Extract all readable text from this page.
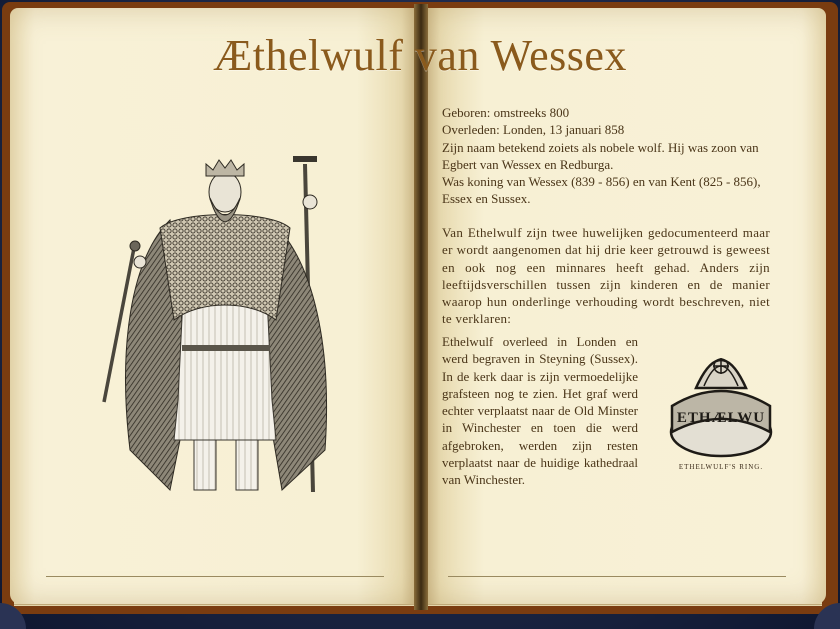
Æthelwulf van Wessex
Geboren: omstreeks 800
Overleden: Londen, 13 januari 858
Zijn naam betekend zoiets als nobele wolf. Hij was zoon van Egbert van Wessex en Redburga.
Was koning van Wessex (839 - 856) en van Kent (825 - 856), Essex en Sussex.
Van Ethelwulf zijn twee huwelijken gedocumenteerd maar er wordt aangenomen dat hij drie keer getrouwd is geweest en ook nog een minnares heeft gehad. Anders zijn leeftijdsverschillen tussen zijn kinderen en de manier waarop hun onderlinge verhouding wordt beschreven, niet te verklaren:
Ethelwulf overleed in Londen en werd begraven in Steyning (Sussex). In de kerk daar is zijn vermoedelijke grafsteen nog te zien. Het graf werd echter verplaatst naar de Old Minster in Winchester en toen die werd afgebroken, werden zijn resten verplaatst naar de huidige kathedraal van Winchester.
ETHÆLWU
ETHELWULF'S RING.
